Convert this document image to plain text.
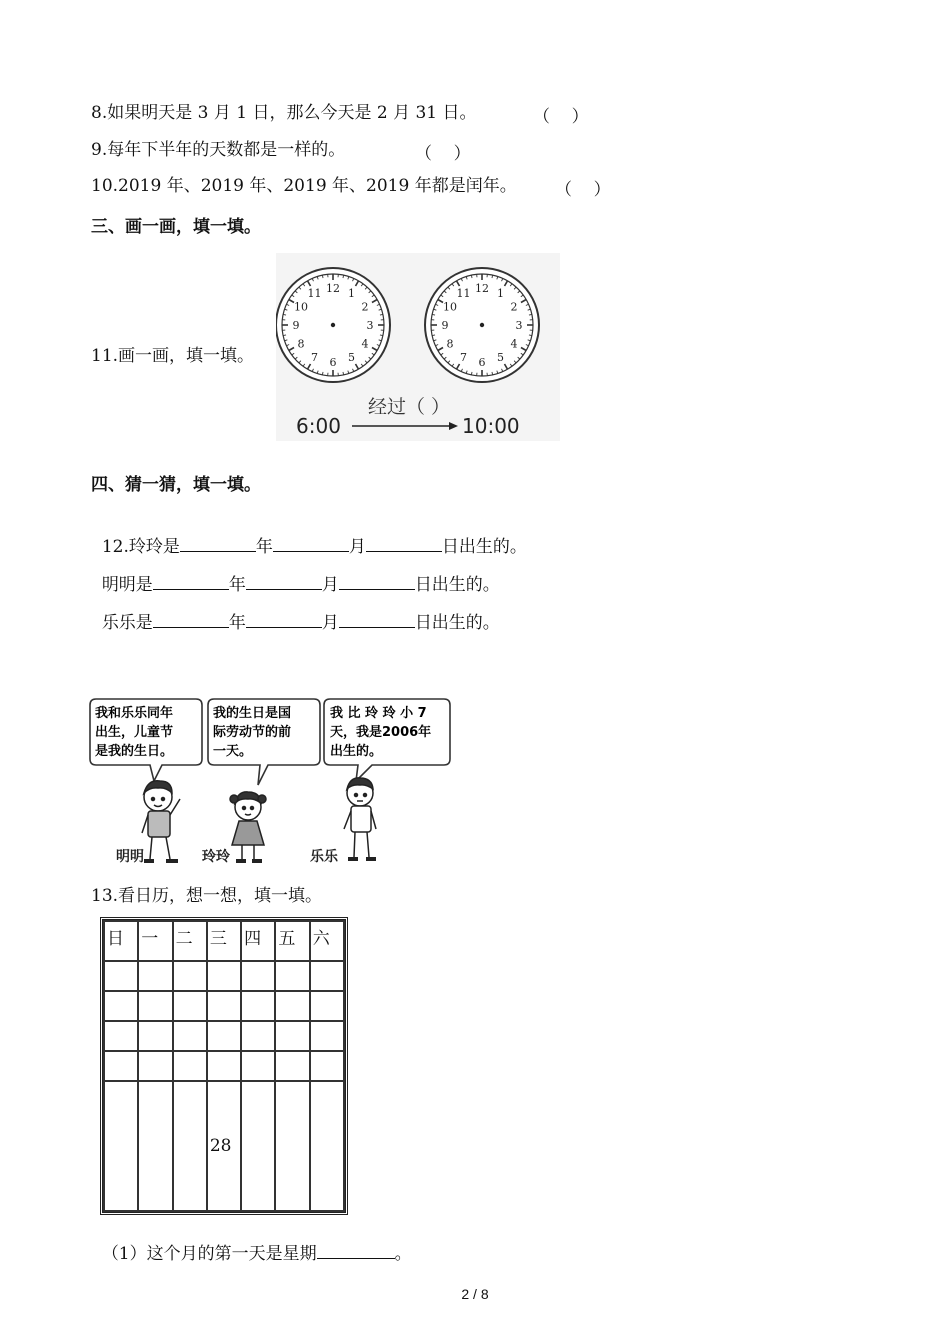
8.如果明天是 3 月 1 日，那么今天是 2 月 31 日。	（    ）
9.每年下半年的天数都是一样的。	（    ）
10.2019 年、2019 年、2019 年、2019 年都是闰年。 （    ）
三、画一画，填一填。
11.画一画，填一填。
12 1
2
3
4
5
6
7
8
9
10
11	12 1
2
3
4
5
6
7
8
9
10
11
经过（ ）
6:00	10:00
四、猜一猜，填一填。

12.玲玲是	年	月	日出生的。

明明是	年	月	日出生的。

乐乐是	年	月	日出生的。

我和乐乐同年
出生，儿童节
是我的生日。
我的生日是国
际劳动节的前
一天。
我 比 玲 玲 小 7
天，我是2006年
出生的。
明明	玲玲	乐乐
13.看日历，想一想，填一填。
日	一	二	三	四	五	六

			28			

（1）这个月的第一天是星期	。

2 / 8
